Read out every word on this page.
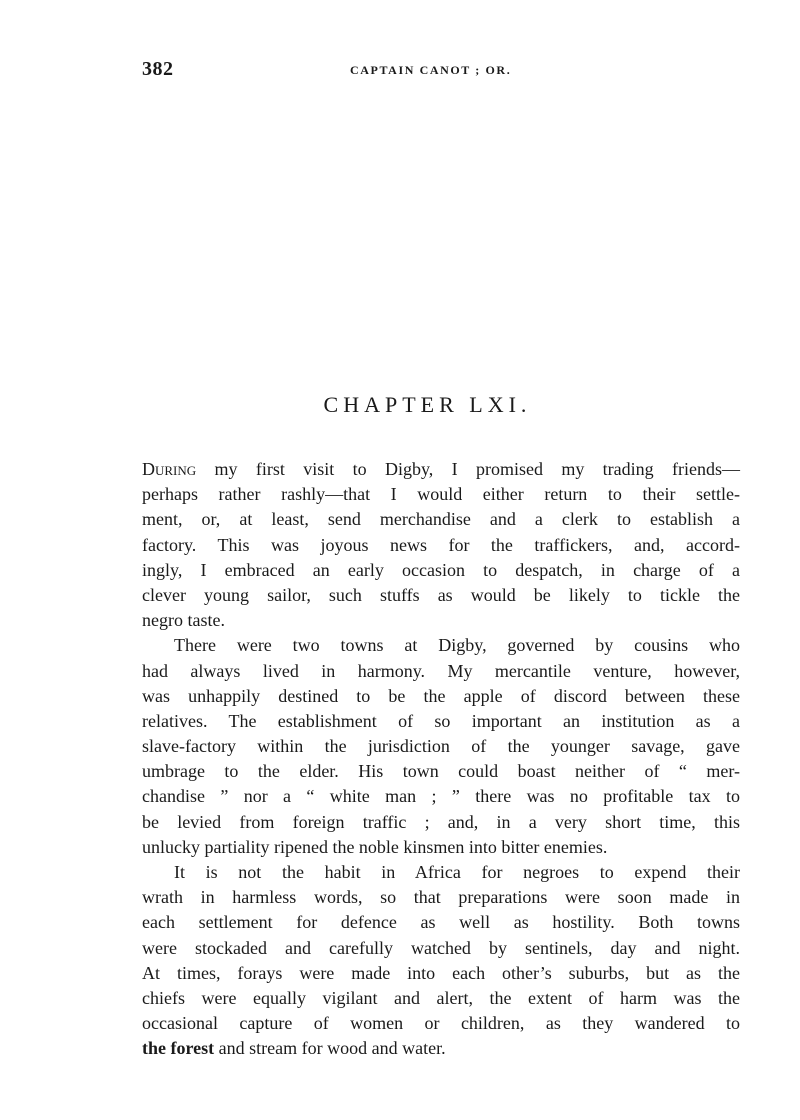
382	CAPTAIN CANOT ; OR.
CHAPTER LXI.
During my first visit to Digby, I promised my trading friends—
perhaps rather rashly—that I would either return to their settle-
ment, or, at least, send merchandise and a clerk to establish a
factory. This was joyous news for the traffickers, and, accord-
ingly, I embraced an early occasion to despatch, in charge of a
clever young sailor, such stuffs as would be likely to tickle the
negro taste.
There were two towns at Digby, governed by cousins who
had always lived in harmony. My mercantile venture, however,
was unhappily destined to be the apple of discord between these
relatives. The establishment of so important an institution as a
slave-factory within the jurisdiction of the younger savage, gave
umbrage to the elder. His town could boast neither of “ mer-
chandise ” nor a “ white man ; ” there was no profitable tax to
be levied from foreign traffic ; and, in a very short time, this
unlucky partiality ripened the noble kinsmen into bitter enemies.
It is not the habit in Africa for negroes to expend their
wrath in harmless words, so that preparations were soon made in
each settlement for defence as well as hostility. Both towns
were stockaded and carefully watched by sentinels, day and night.
At times, forays were made into each other’s suburbs, but as the
chiefs were equally vigilant and alert, the extent of harm was the
occasional capture of women or children, as they wandered to
the forest and stream for wood and water.
